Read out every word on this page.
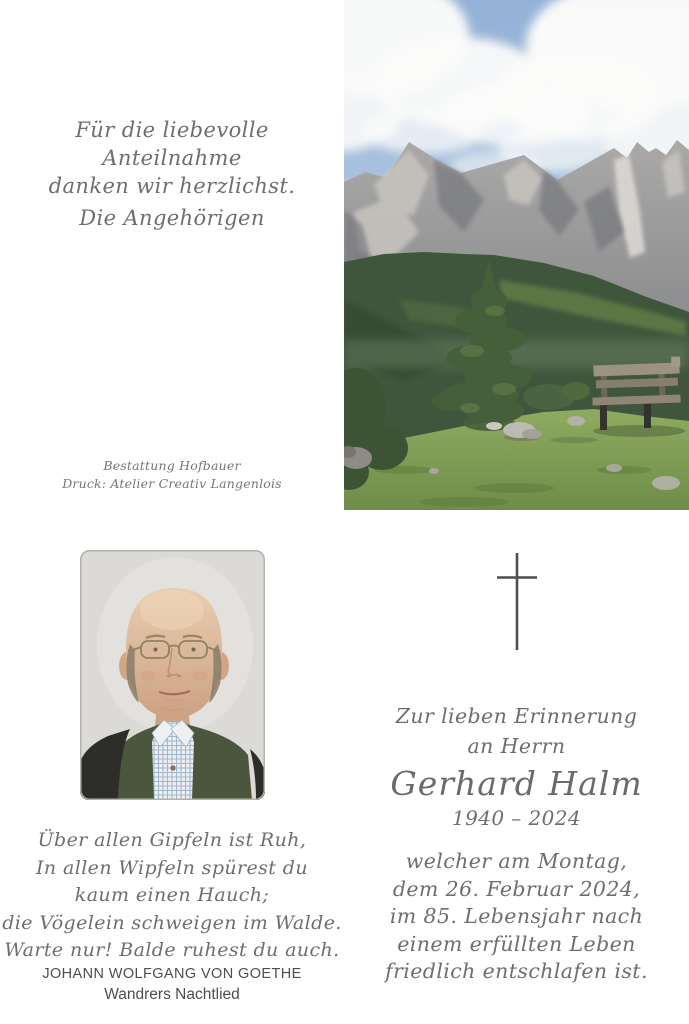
Für die liebevolle
Anteilnahme
danken wir herzlichst.
Die Angehörigen
Bestattung Hofbauer
Druck: Atelier Creativ Langenlois
Über allen Gipfeln ist Ruh,
In allen Wipfeln spürest du
kaum einen Hauch;
die Vögelein schweigen im Walde.
Warte nur! Balde ruhest du auch.
JOHANN WOLFGANG VON GOETHE
Wandrers Nachtlied
Zur lieben Erinnerung
an Herrn
Gerhard Halm
1940 – 2024
welcher am Montag,
dem 26. Februar 2024,
im 85. Lebensjahr nach
einem erfüllten Leben
friedlich entschlafen ist.
